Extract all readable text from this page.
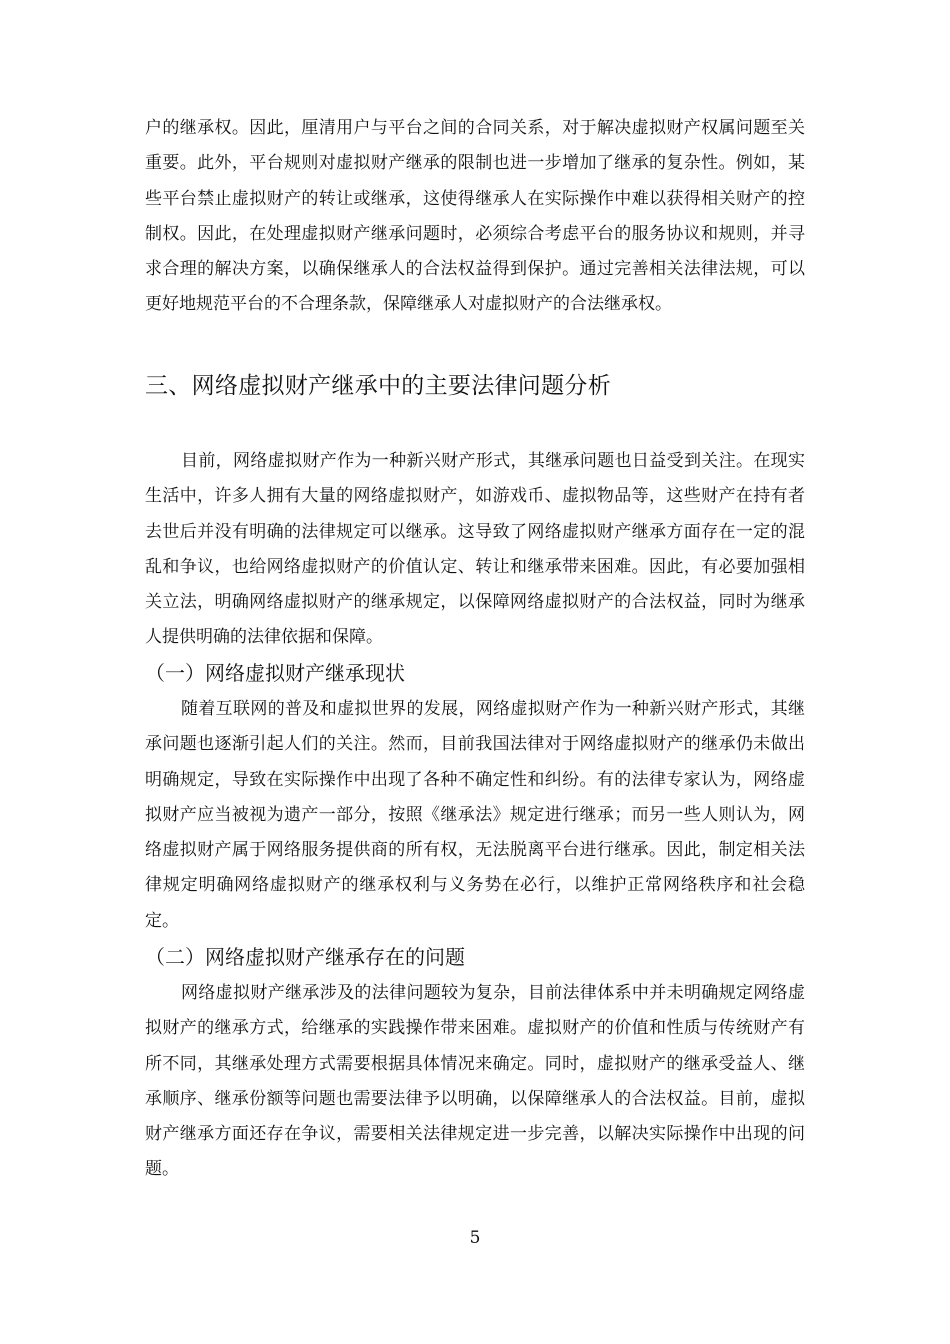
户的继承权。因此，厘清用户与平台之间的合同关系，对于解决虚拟财产权属问题至关重要。此外，平台规则对虚拟财产继承的限制也进一步增加了继承的复杂性。例如，某些平台禁止虚拟财产的转让或继承，这使得继承人在实际操作中难以获得相关财产的控制权。因此，在处理虚拟财产继承问题时，必须综合考虑平台的服务协议和规则，并寻求合理的解决方案，以确保继承人的合法权益得到保护。通过完善相关法律法规，可以更好地规范平台的不合理条款，保障继承人对虚拟财产的合法继承权。

三、网络虚拟财产继承中的主要法律问题分析

目前，网络虚拟财产作为一种新兴财产形式，其继承问题也日益受到关注。在现实生活中，许多人拥有大量的网络虚拟财产，如游戏币、虚拟物品等，这些财产在持有者去世后并没有明确的法律规定可以继承。这导致了网络虚拟财产继承方面存在一定的混乱和争议，也给网络虚拟财产的价值认定、转让和继承带来困难。因此，有必要加强相关立法，明确网络虚拟财产的继承规定，以保障网络虚拟财产的合法权益，同时为继承人提供明确的法律依据和保障。

（一）网络虚拟财产继承现状

随着互联网的普及和虚拟世界的发展，网络虚拟财产作为一种新兴财产形式，其继承问题也逐渐引起人们的关注。然而，目前我国法律对于网络虚拟财产的继承仍未做出明确规定，导致在实际操作中出现了各种不确定性和纠纷。有的法律专家认为，网络虚拟财产应当被视为遗产一部分，按照《继承法》规定进行继承；而另一些人则认为，网络虚拟财产属于网络服务提供商的所有权，无法脱离平台进行继承。因此，制定相关法律规定明确网络虚拟财产的继承权利与义务势在必行，以维护正常网络秩序和社会稳定。

（二）网络虚拟财产继承存在的问题

网络虚拟财产继承涉及的法律问题较为复杂，目前法律体系中并未明确规定网络虚拟财产的继承方式，给继承的实践操作带来困难。虚拟财产的价值和性质与传统财产有所不同，其继承处理方式需要根据具体情况来确定。同时，虚拟财产的继承受益人、继承顺序、继承份额等问题也需要法律予以明确，以保障继承人的合法权益。目前，虚拟财产继承方面还存在争议，需要相关法律规定进一步完善，以解决实际操作中出现的问题。

5
